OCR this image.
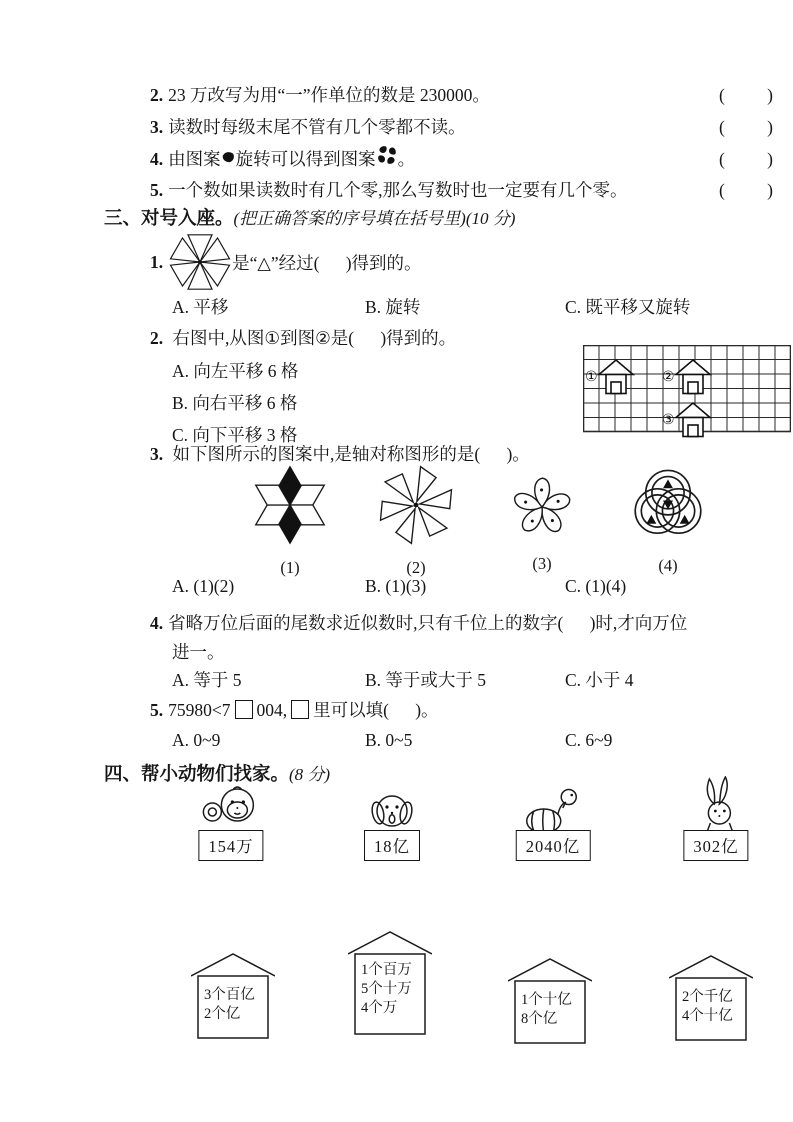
2. 23 万改写为用“一”作单位的数是 230000。	( )
3. 读数时每级末尾不管有几个零都不读。	( )
4. 由图案 旋转可以得到图案 。	( )
5. 一个数如果读数时有几个零,那么写数时也一定要有几个零。	( )
三、对号入座。(把正确答案的序号填在括号里)(10 分)
1.	是“△”经过(      )得到的。
A. 平移	B. 旋转	C. 既平移又旋转
2. 右图中,从图①到图②是(      )得到的。
A. 向左平移 6 格
B. 向右平移 6 格
C. 向下平移 3 格
①	②
③
3. 如下图所示的图案中,是轴对称图形的是(      )。
(1)	(2)	(3)	(4)
A. (1)(2)	B. (1)(3)	C. (1)(4)
4. 省略万位后面的尾数求近似数时,只有千位上的数字(      )时,才向万位
进一。
A. 等于 5	B. 等于或大于 5	C. 小于 4
5. 75980<7 004, 里可以填(      )。
A. 0~9	B. 0~5	C. 6~9
四、帮小动物们找家。(8 分)
154万	18亿	2040亿	302亿
3个百亿
2个亿
1个百万
5个十万
4个万	1个十亿
8个亿
2个千亿
4个十亿
